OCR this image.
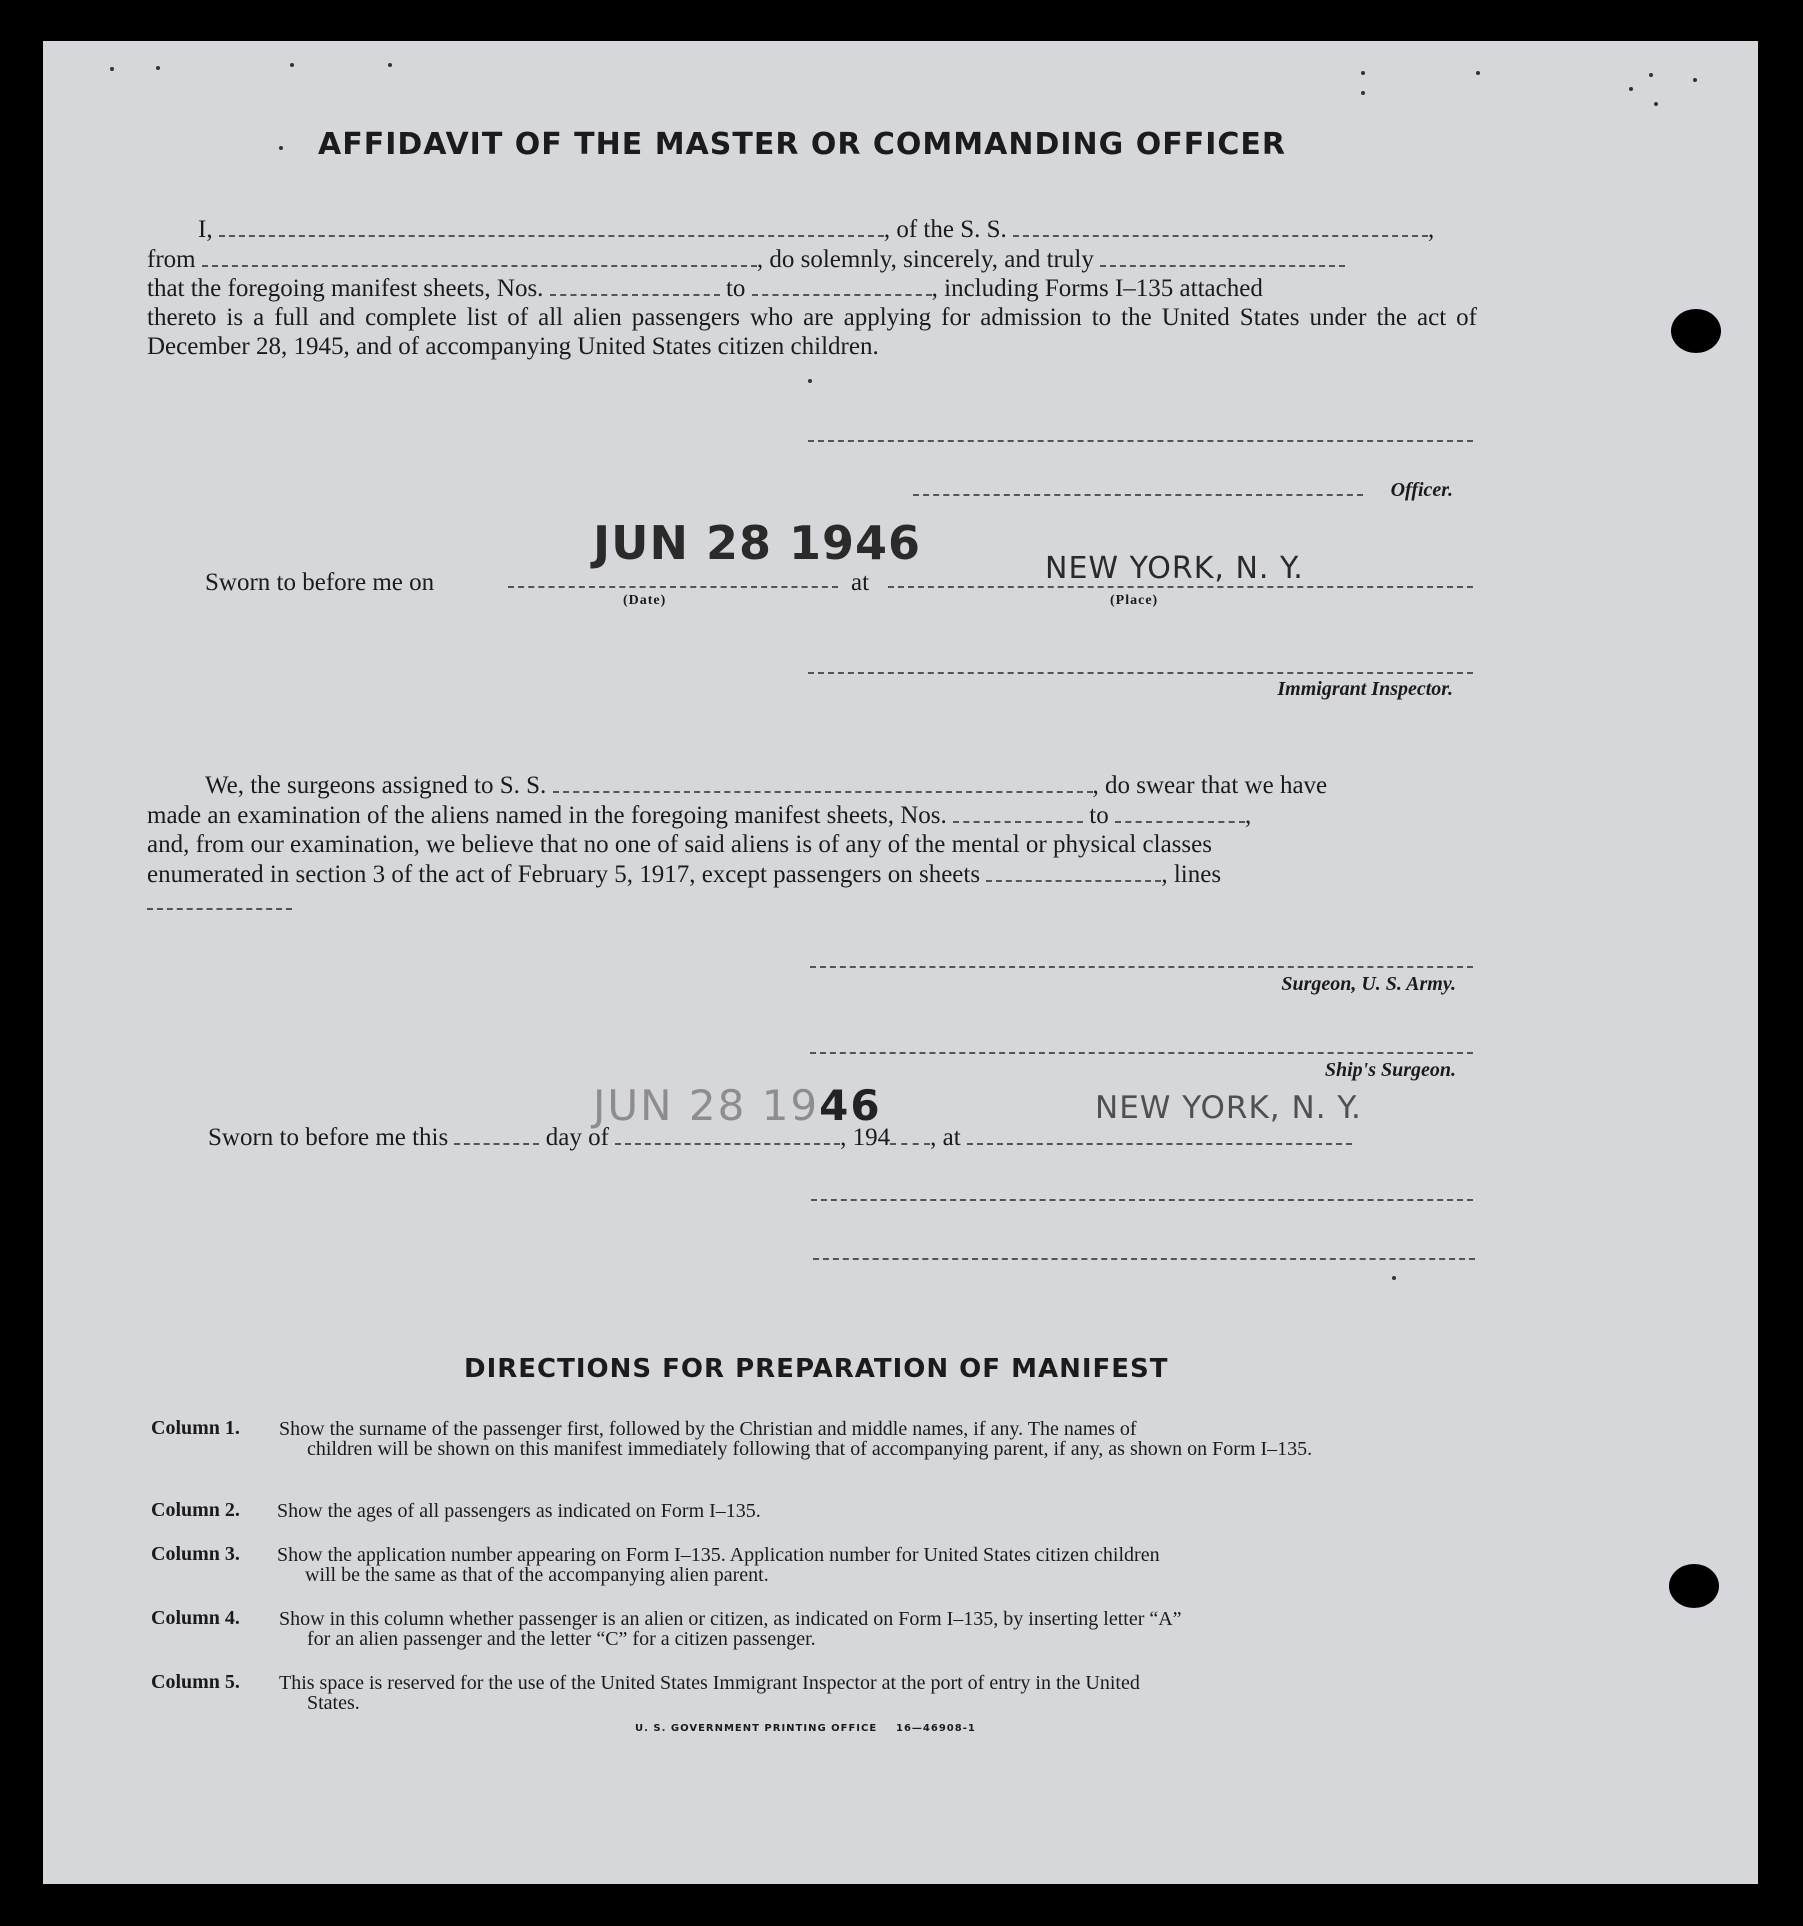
AFFIDAVIT OF THE MASTER OR COMMANDING OFFICER
I,	, of the S. S.	,
from	, do solemnly, sincerely, and truly
that the foregoing manifest sheets, Nos.	to	, including Forms I–135 attached
thereto is a full and complete list of all alien passengers who are applying for admission to the United States under the act of December 28, 1945, and of accompanying United States citizen children.
Officer.
JUN 28 1946	NEW YORK, N. Y.
Sworn to before me on	at
(Date)	(Place)
Immigrant Inspector.
We, the surgeons assigned to S. S.	, do swear that we have
made an examination of the aliens named in the foregoing manifest sheets, Nos.	to	,
and, from our examination, we believe that no one of said aliens is of any of the mental or physical classes
enumerated in section 3 of the act of February 5, 1917, except passengers on sheets	, lines
Surgeon, U. S. Army.
Ship's Surgeon.
JUN 28 1946	NEW YORK, N. Y.
Sworn to before me this	day of	, 194 , at
DIRECTIONS FOR PREPARATION OF MANIFEST
Column 1. Show the surname of the passenger first, followed by the Christian and middle names, if any. The names of
children will be shown on this manifest immediately following that of accompanying parent, if any, as shown on Form I–135.
Column 2. Show the ages of all passengers as indicated on Form I–135.
Column 3. Show the application number appearing on Form I–135. Application number for United States citizen children
will be the same as that of the accompanying alien parent.
Column 4. Show in this column whether passenger is an alien or citizen, as indicated on Form I–135, by inserting letter “A”
for an alien passenger and the letter “C” for a citizen passenger.
Column 5. This space is reserved for the use of the United States Immigrant Inspector at the port of entry in the United
States.
U. S. GOVERNMENT PRINTING OFFICE 16—46908-1
